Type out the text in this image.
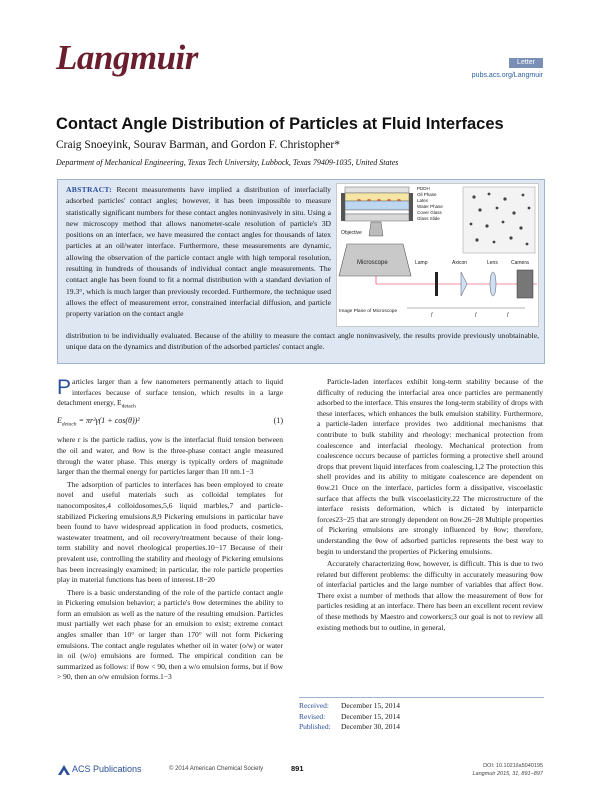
Langmuir	Letter
pubs.acs.org/Langmuir
Contact Angle Distribution of Particles at Fluid Interfaces
Craig Snoeyink, Sourav Barman, and Gordon F. Christopher*
Department of Mechanical Engineering, Texas Tech University, Lubbock, Texas 79409-1035, United States
ABSTRACT: Recent measurements have implied a distribution of interfacially adsorbed particles' contact angles; however, it has been impossible to measure statistically significant numbers for these contact angles noninvasively in situ. Using a new microscopy method that allows nanometer-scale resolution of particle's 3D positions on an interface, we have measured the contact angles for thousands of latex particles at an oil/water interface. Furthermore, these measurements are dynamic, allowing the observation of the particle contact angle with high temporal resolution, resulting in hundreds of thousands of individual contact angle measurements. The contact angle has been found to fit a normal distribution with a standard deviation of 19.3°, which is much larger than previously recorded. Furthermore, the technique used allows the effect of measurement error, constrained interfacial diffusion, and particle property variation on the contact angle
distribution to be individually evaluated. Because of the ability to measure the contact angle noninvasively, the results provide previously unobtainable, unique data on the dynamics and distribution of the adsorbed particles' contact angle.
PDDH
Oil Phase
Latex
Water Phase
Cover Glass
Glass Slide
Objective
Microscope
Image Plane of Microscope
Lamp	Axicon	Lens	Camera
f	f	f

Particles larger than a few nanometers permanently attach to liquid interfaces because of surface tension, which results in a large detachment energy, $E_{detach}$

$E_{detach} = \pi r^2\gamma(1 + \cos(\theta))^2$	(1)

where r is the particle radius, γow is the interfacial fluid tension between the oil and water, and θow is the three-phase contact angle measured through the water phase. This energy is typically orders of magnitude larger than the thermal energy for particles larger than 10 nm.1−3

The adsorption of particles to interfaces has been employed to create novel and useful materials such as colloidal templates for nanocomposites,4 colloidosomes,5,6 liquid marbles,7 and particle-stabilized Pickering emulsions.8,9 Pickering emulsions in particular have been found to have widespread application in food products, cosmetics, wastewater treatment, and oil recovery/treatment because of their long-term stability and novel rheological properties.10−17 Because of their prevalent use, controlling the stability and rheology of Pickering emulsions has been increasingly examined; in particular, the role particle properties play in material functions has been of interest.18−20

There is a basic understanding of the role of the particle contact angle in Pickering emulsion behavior; a particle's θow determines the ability to form an emulsion as well as the nature of the resulting emulsion. Particles must partially wet each phase for an emulsion to exist; extreme contact angles smaller than 10° or larger than 170° will not form Pickering emulsions. The contact angle regulates whether oil in water (o/w) or water in oil (w/o) emulsions are formed. The empirical condition can be summarized as follows: if θow < 90, then a w/o emulsion forms, but if θow > 90, then an o/w emulsion forms.1−3

Particle-laden interfaces exhibit long-term stability because of the difficulty of reducing the interfacial area once particles are permanently adsorbed to the interface. This ensures the long-term stability of drops with these interfaces, which enhances the bulk emulsion stability. Furthermore, a particle-laden interface provides two additional mechanisms that contribute to bulk stability and rheology: mechanical protection from coalescence and interfacial rheology. Mechanical protection from coalescence occurs because of particles forming a protective shell around drops that prevent liquid interfaces from coalescing.1,2 The protection this shell provides and its ability to mitigate coalescence are dependent on θow.21 Once on the interface, particles form a dissipative, viscoelastic surface that affects the bulk viscoelasticity.22 The microstructure of the interface resists deformation, which is dictated by interparticle forces23−25 that are strongly dependent on θow.26−28 Multiple properties of Pickering emulsions are strongly influenced by θow; therefore, understanding the θow of adsorbed particles represents the best way to begin to understand the properties of Pickering emulsions.

Accurately characterizing θow, however, is difficult. This is due to two related but different problems: the difficulty in accurately measuring θow of interfacial particles and the large number of variables that affect θow. There exist a number of methods that allow the measurement of θow for particles residing at an interface. There has been an excellent recent review of these methods by Maestro and coworkers;3 our goal is not to review all existing methods but to outline, in general,

Received: December 15, 2014
Revised: December 15, 2014
Published: December 30, 2014
ACS Publications	© 2014 American Chemical Society	891	DOI: 10.1021/la5040195
Langmuir 2015, 31, 891−897
